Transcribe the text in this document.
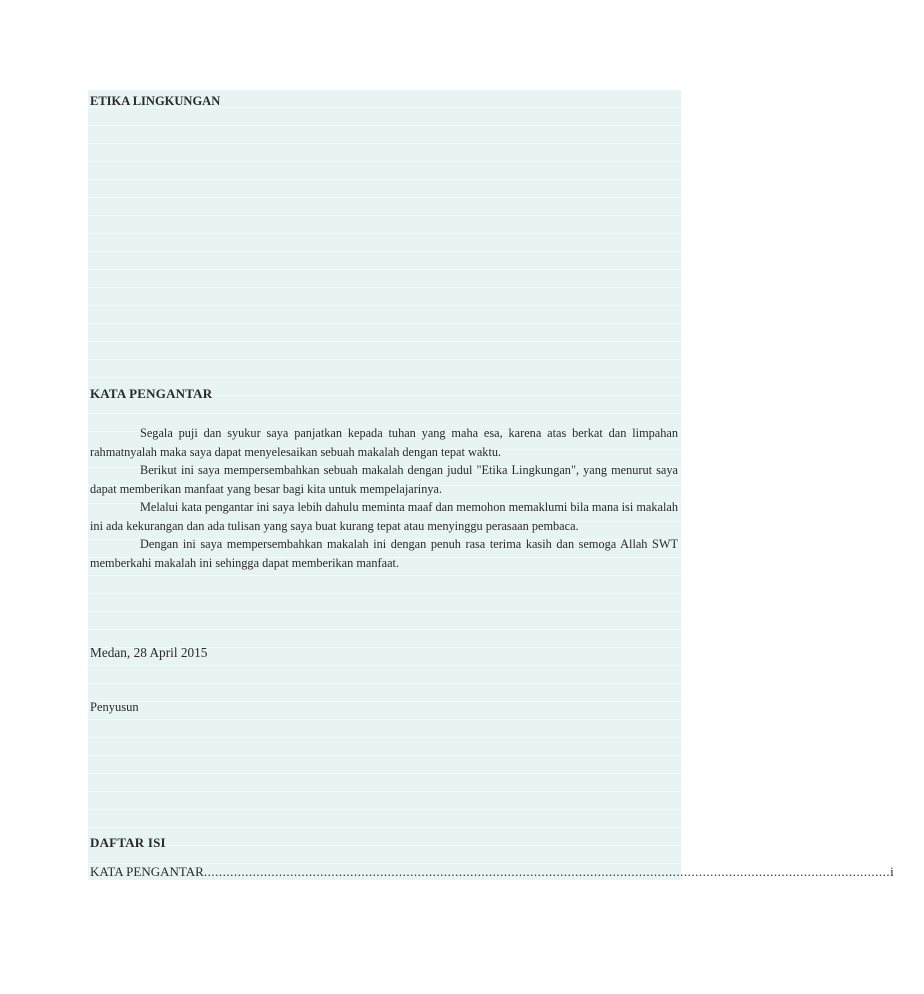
ETIKA LINGKUNGAN
KATA PENGANTAR

Segala puji dan syukur saya panjatkan kepada tuhan yang maha esa, karena atas berkat dan limpahan rahmatnyalah maka saya dapat menyelesaikan sebuah makalah dengan tepat waktu.

Berikut ini saya mempersembahkan sebuah makalah dengan judul "Etika Lingkungan", yang menurut saya dapat memberikan manfaat yang besar bagi kita untuk mempelajarinya.

Melalui kata pengantar ini saya lebih dahulu meminta maaf dan memohon memaklumi bila mana isi makalah ini ada kekurangan dan ada tulisan yang saya buat kurang tepat atau menyinggu perasaan pembaca.

Dengan ini saya mempersembahkan makalah ini dengan penuh rasa terima kasih dan semoga Allah SWT memberkahi makalah ini sehingga dapat memberikan manfaat.

Medan, 28 April 2015
Penyusun
DAFTAR ISI
KATA PENGANTAR ....................................................................................................................................................................................... i
